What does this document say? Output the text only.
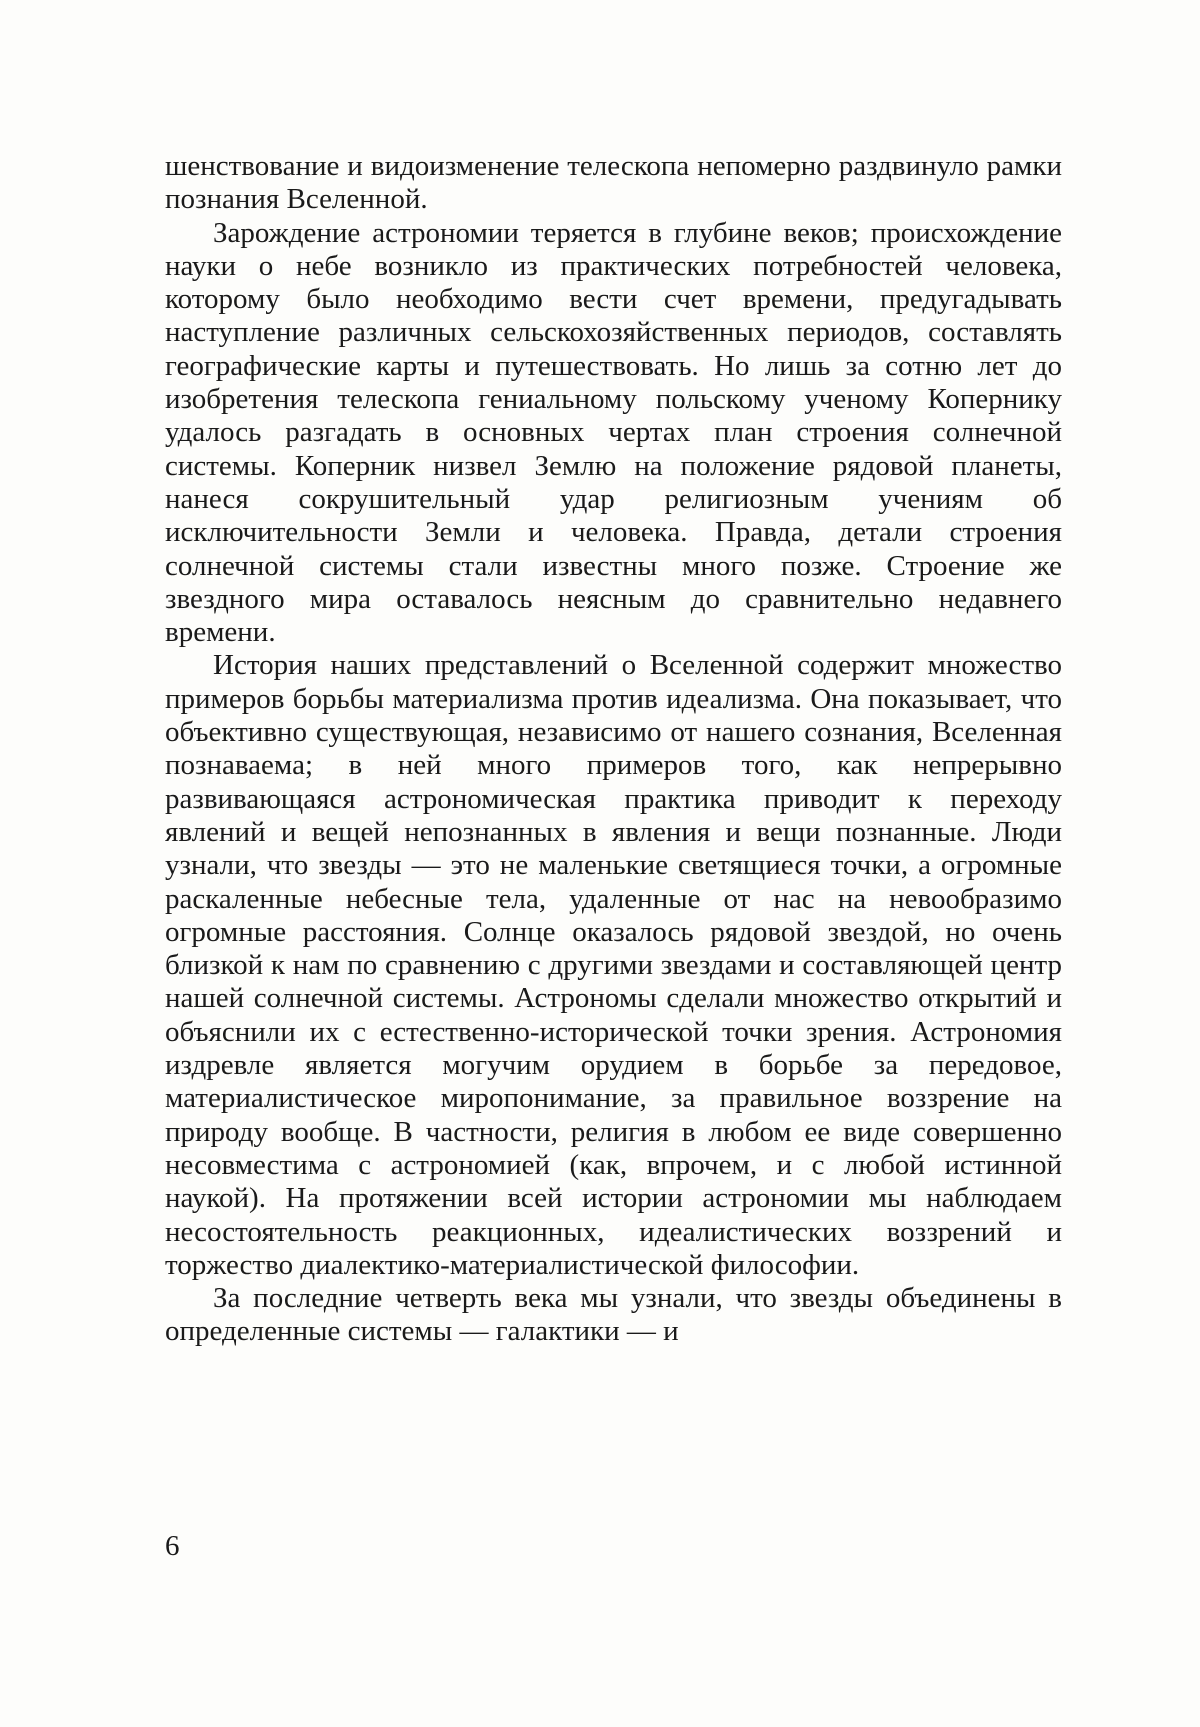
шенствование и видоизменение телескопа непомерно раздвинуло рамки познания Вселенной.

Зарождение астрономии теряется в глубине веков; происхождение науки о небе возникло из практических потребностей человека, которому было необходимо вести счет времени, предугадывать наступление различных сельскохозяйственных периодов, составлять географические карты и путешествовать. Но лишь за сотню лет до изобретения телескопа гениальному польскому ученому Копернику удалось разгадать в основных чертах план строения солнечной системы. Коперник низвел Землю на положение рядовой планеты, нанеся сокрушительный удар религиозным учениям об исключительности Земли и человека. Правда, детали строения солнечной системы стали известны много позже. Строение же звездного мира оставалось неясным до сравнительно недавнего времени.

История наших представлений о Вселенной содержит множество примеров борьбы материализма против идеализма. Она показывает, что объективно существующая, независимо от нашего сознания, Вселенная познаваема; в ней много примеров того, как непрерывно развивающаяся астрономическая практика приводит к переходу явлений и вещей непознанных в явления и вещи познанные. Люди узнали, что звезды — это не маленькие светящиеся точки, а огромные раскаленные небесные тела, удаленные от нас на невообразимо огромные расстояния. Солнце оказалось рядовой звездой, но очень близкой к нам по сравнению с другими звездами и составляющей центр нашей солнечной системы. Астрономы сделали множество открытий и объяснили их с естественно-исторической точки зрения. Астрономия издревле является могучим орудием в борьбе за передовое, материалистическое миропонимание, за правильное воззрение на природу вообще. В частности, религия в любом ее виде совершенно несовместима с астрономией (как, впрочем, и с любой истинной наукой). На протяжении всей истории астрономии мы наблюдаем несостоятельность реакционных, идеалистических воззрений и торжество диалектико-материалистической философии.

За последние четверть века мы узнали, что звезды объединены в определенные системы — галактики — и

6
